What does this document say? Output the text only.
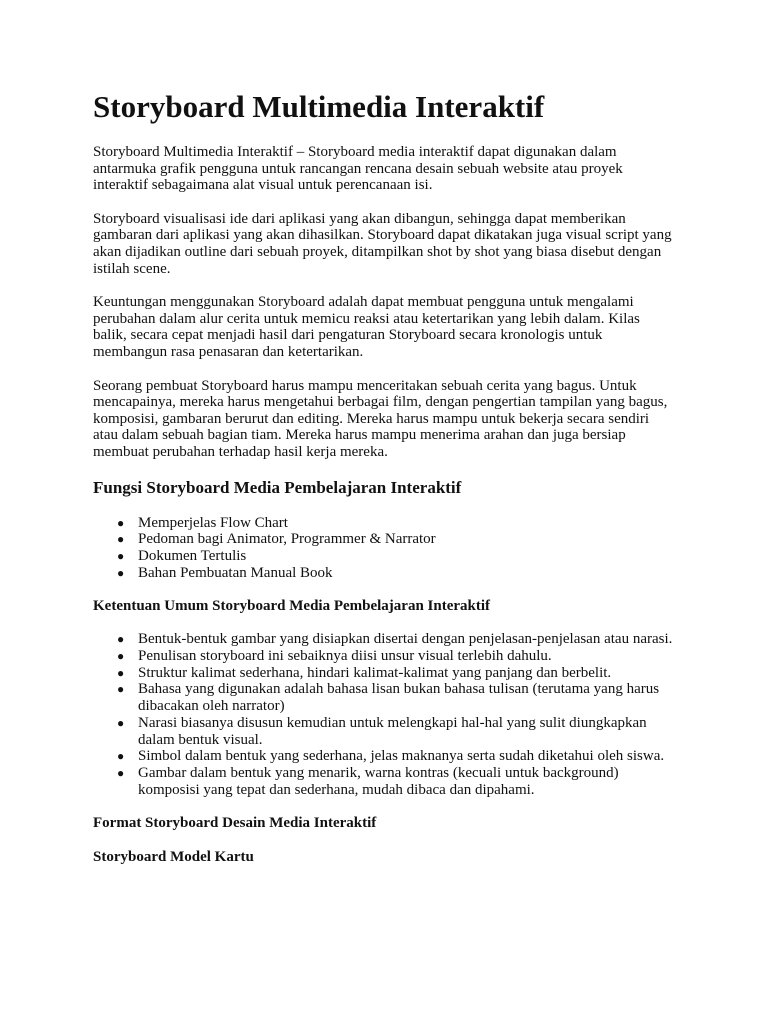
Storyboard Multimedia Interaktif

Storyboard Multimedia Interaktif – Storyboard media interaktif dapat digunakan dalam antarmuka grafik pengguna untuk rancangan rencana desain sebuah website atau proyek interaktif sebagaimana alat visual untuk perencanaan isi.

Storyboard visualisasi ide dari aplikasi yang akan dibangun, sehingga dapat memberikan gambaran dari aplikasi yang akan dihasilkan. Storyboard dapat dikatakan juga visual script yang akan dijadikan outline dari sebuah proyek, ditampilkan shot by shot yang biasa disebut dengan istilah scene.

Keuntungan menggunakan Storyboard adalah dapat membuat pengguna untuk mengalami perubahan dalam alur cerita untuk memicu reaksi atau ketertarikan yang lebih dalam. Kilas balik, secara cepat menjadi hasil dari pengaturan Storyboard secara kronologis untuk membangun rasa penasaran dan ketertarikan.

Seorang pembuat Storyboard harus mampu menceritakan sebuah cerita yang bagus. Untuk mencapainya, mereka harus mengetahui berbagai film, dengan pengertian tampilan yang bagus, komposisi, gambaran berurut dan editing. Mereka harus mampu untuk bekerja secara sendiri atau dalam sebuah bagian tiam. Mereka harus mampu menerima arahan dan juga bersiap membuat perubahan terhadap hasil kerja mereka.

Fungsi Storyboard Media Pembelajaran Interaktif
● Memperjelas Flow Chart
● Pedoman bagi Animator, Programmer & Narrator
● Dokumen Tertulis
● Bahan Pembuatan Manual Book
Ketentuan Umum Storyboard Media Pembelajaran Interaktif
● Bentuk-bentuk gambar yang disiapkan disertai dengan penjelasan-penjelasan atau narasi.
● Penulisan storyboard ini sebaiknya diisi unsur visual terlebih dahulu.
● Struktur kalimat sederhana, hindari kalimat-kalimat yang panjang dan berbelit.
● Bahasa yang digunakan adalah bahasa lisan bukan bahasa tulisan (terutama yang harus dibacakan oleh narrator)
● Narasi biasanya disusun kemudian untuk melengkapi hal-hal yang sulit diungkapkan dalam bentuk visual.
● Simbol dalam bentuk yang sederhana, jelas maknanya serta sudah diketahui oleh siswa.
● Gambar dalam bentuk yang menarik, warna kontras (kecuali untuk background) komposisi yang tepat dan sederhana, mudah dibaca dan dipahami.
Format Storyboard Desain Media Interaktif
Storyboard Model Kartu
